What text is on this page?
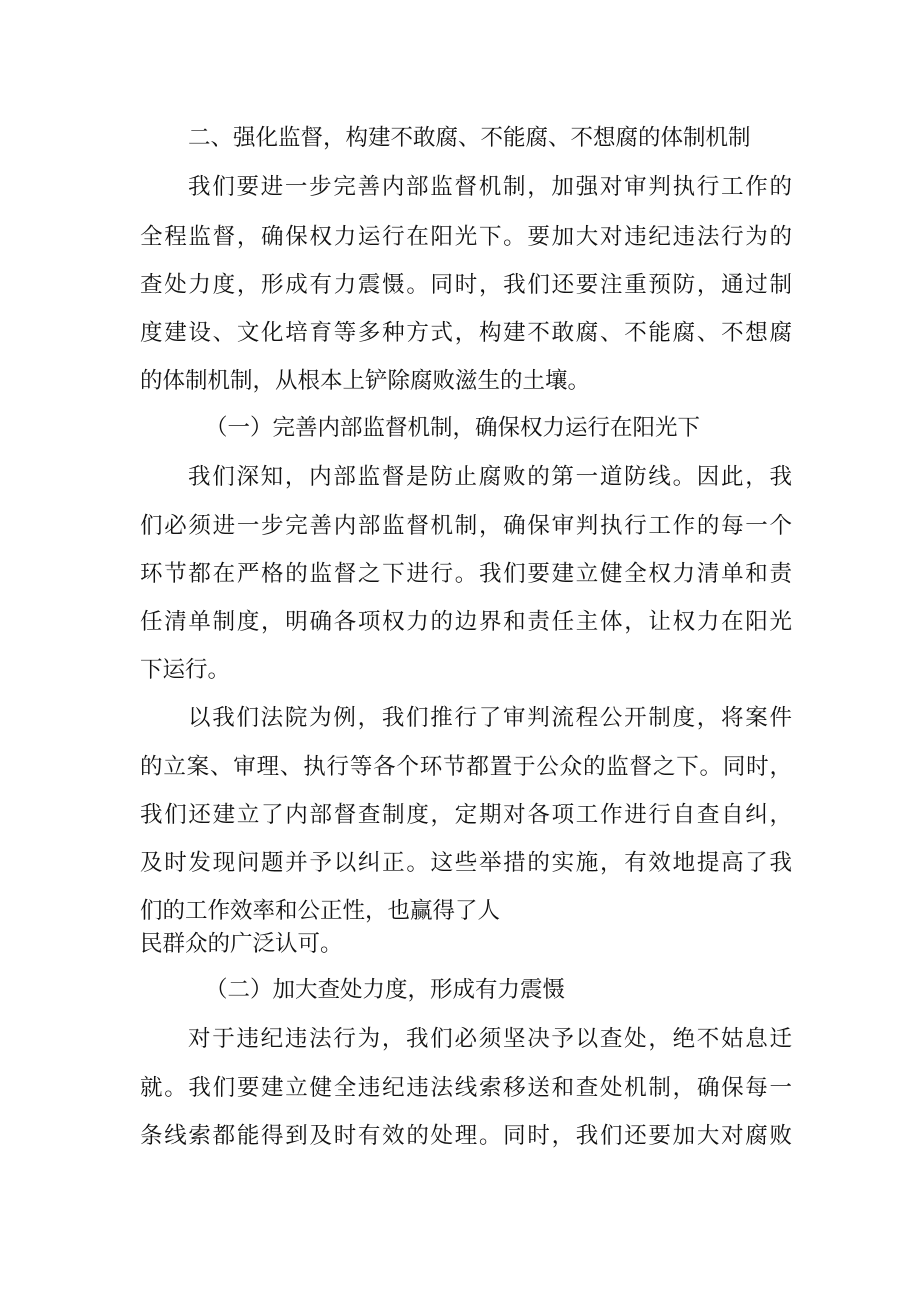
二、强化监督，构建不敢腐、不能腐、不想腐的体制机制
我们要进一步完善内部监督机制，加强对审判执行工作的
全程监督，确保权力运行在阳光下。要加大对违纪违法行为的
查处力度，形成有力震慑。同时，我们还要注重预防，通过制
度建设、文化培育等多种方式，构建不敢腐、不能腐、不想腐
的体制机制，从根本上铲除腐败滋生的土壤。
（一）完善内部监督机制，确保权力运行在阳光下
我们深知，内部监督是防止腐败的第一道防线。因此，我
们必须进一步完善内部监督机制，确保审判执行工作的每一个
环节都在严格的监督之下进行。我们要建立健全权力清单和责
任清单制度，明确各项权力的边界和责任主体，让权力在阳光
下运行。
以我们法院为例，我们推行了审判流程公开制度，将案件
的立案、审理、执行等各个环节都置于公众的监督之下。同时，
我们还建立了内部督查制度，定期对各项工作进行自查自纠，
及时发现问题并予以纠正。这些举措的实施，有效地提高了我
们的工作效率和公正性，也赢得了人
民群众的广泛认可。
（二）加大查处力度，形成有力震慑
对于违纪违法行为，我们必须坚决予以查处，绝不姑息迁
就。我们要建立健全违纪违法线索移送和查处机制，确保每一
条线索都能得到及时有效的处理。同时，我们还要加大对腐败
